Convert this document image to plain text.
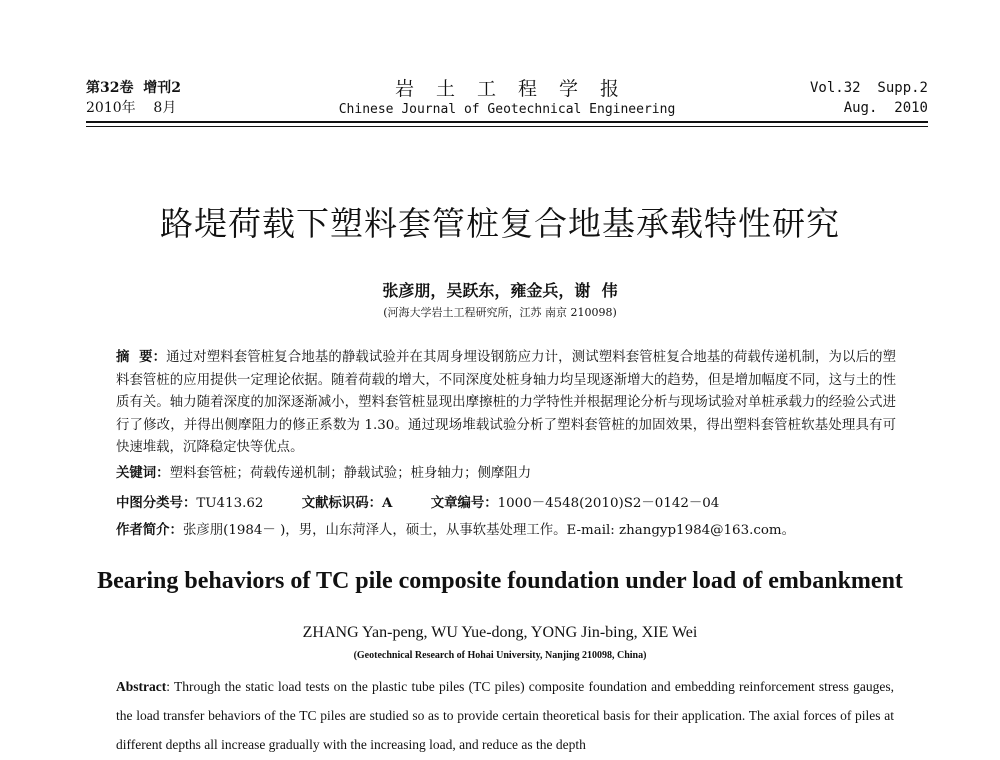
第32卷  增刊2
2010年    8月
岩土工程学报
Chinese Journal of Geotechnical Engineering
Vol.32  Supp.2
Aug.  2010
路堤荷载下塑料套管桩复合地基承载特性研究
张彦朋，吴跃东，雍金兵，谢  伟
(河海大学岩土工程研究所，江苏 南京 210098)
摘  要：通过对塑料套管桩复合地基的静载试验并在其周身埋设钢筋应力计，测试塑料套管桩复合地基的荷载传递机制，为以后的塑料套管桩的应用提供一定理论依据。随着荷载的增大，不同深度处桩身轴力均呈现逐渐增大的趋势，但是增加幅度不同，这与土的性质有关。轴力随着深度的加深逐渐减小，塑料套管桩显现出摩擦桩的力学特性并根据理论分析与现场试验对单桩承载力的经验公式进行了修改，并得出侧摩阻力的修正系数为 1.30。通过现场堆载试验分析了塑料套管桩的加固效果，得出塑料套管桩软基处理具有可快速堆载，沉降稳定快等优点。
关键词：塑料套管桩；荷载传递机制；静载试验；桩身轴力；侧摩阻力
中图分类号：TU413.62	文献标识码：A	文章编号：1000－4548(2010)S2－0142－04
作者简介：张彦朋(1984－ )，男，山东菏泽人，硕士，从事软基处理工作。E-mail: zhangyp1984@163.com。
Bearing behaviors of TC pile composite foundation under load of embankment
ZHANG Yan-peng, WU Yue-dong, YONG Jin-bing, XIE Wei
(Geotechnical Research of Hohai University, Nanjing 210098, China)
Abstract: Through the static load tests on the plastic tube piles (TC piles) composite foundation and embedding reinforcement stress gauges, the load transfer behaviors of the TC piles are studied so as to provide certain theoretical basis for their application. The axial forces of piles at different depths all increase gradually with the increasing load, and reduce as the depth
